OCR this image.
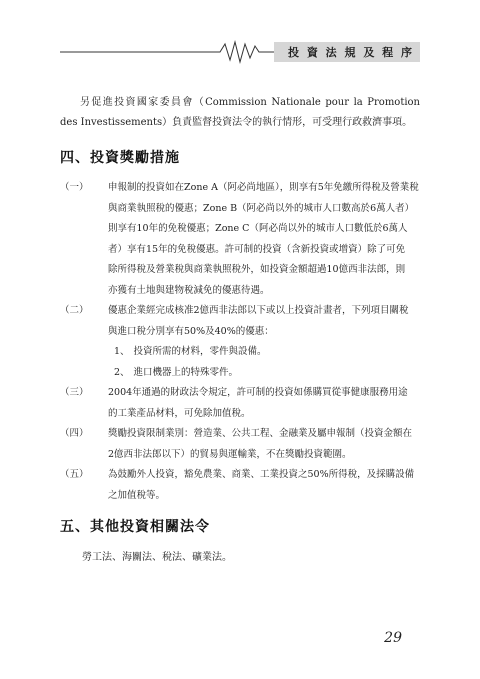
投 資 法 規 及 程 序

另促進投資國家委員會（Commission Nationale pour la Promotion des Investissements）負責監督投資法令的執行情形，可受理行政救濟事項。

四、投資獎勵措施
（一）	申報制的投資如在Zone A（阿必尚地區），則享有5年免繳所得稅及營業稅
與商業執照稅的優惠；Zone B（阿必尚以外的城市人口數高於6萬人者）
則享有10年的免稅優惠；Zone C（阿必尚以外的城市人口數低於6萬人
者）享有15年的免稅優惠。許可制的投資（含新投資或增資）除了可免
除所得稅及營業稅與商業執照稅外，如投資金額超過10億西非法郎，則
亦獲有土地與建物稅減免的優惠待遇。
（二）	優惠企業經完成核准2億西非法郎以下或以上投資計畫者，下列項目關稅
與進口稅分別享有50%及40%的優惠：
1、 投資所需的材料，零件與設備。
2、 進口機器上的特殊零件。
（三）	2004年通過的財政法令規定，許可制的投資如係購買從事健康服務用途
的工業產品材料，可免除加值稅。
（四）	獎勵投資限制業別：營造業、公共工程、金融業及屬申報制（投資金額在
2億西非法郎以下）的貿易與運輸業，不在獎勵投資範圍。
（五）	為鼓勵外人投資，豁免農業、商業、工業投資之50%所得稅，及採購設備
之加值稅等。
五、其他投資相關法令
勞工法、海關法、稅法、礦業法。
29
